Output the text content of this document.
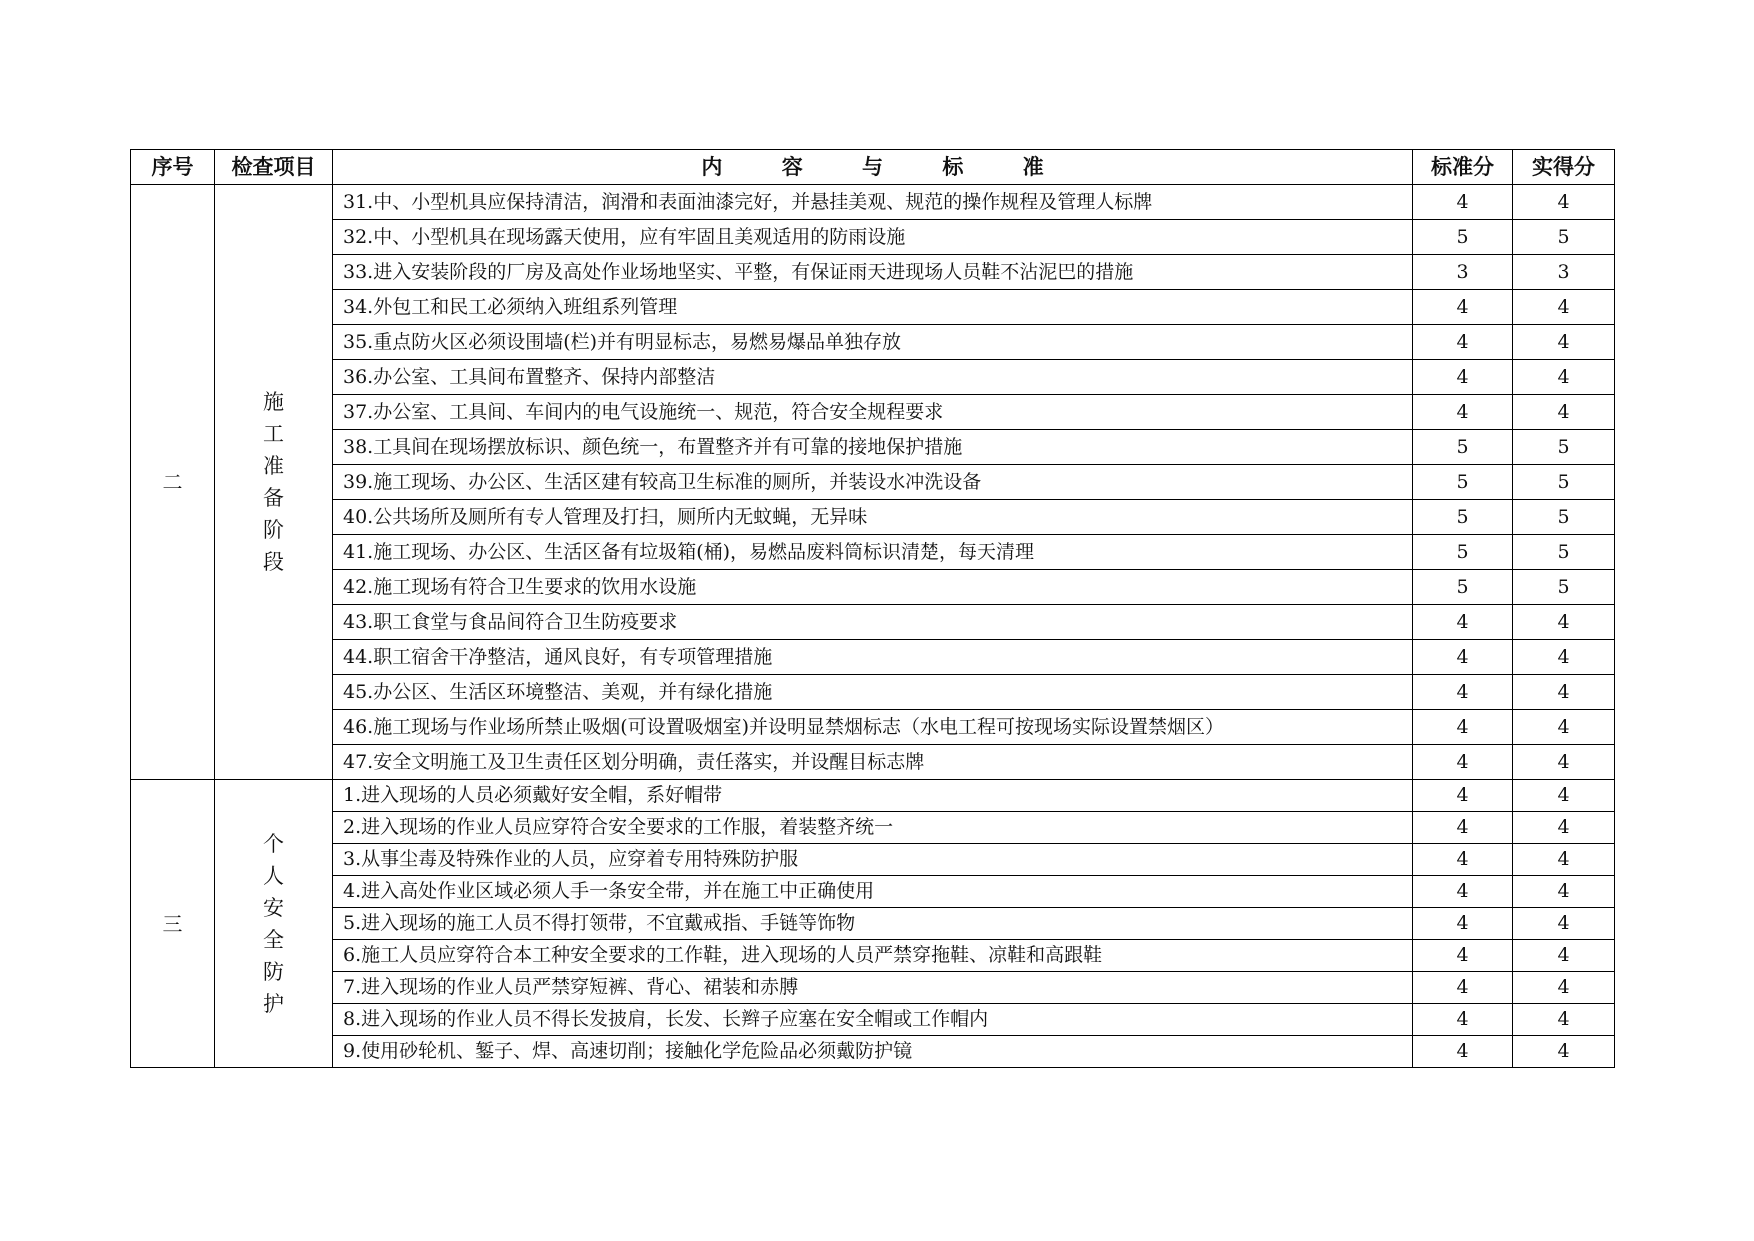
序号	检查项目	内 容 与 标 准	标准分	实得分
二	施工准备阶段	31.中、小型机具应保持清洁，润滑和表面油漆完好，并悬挂美观、规范的操作规程及管理人标牌	4	4
		32.中、小型机具在现场露天使用，应有牢固且美观适用的防雨设施	5	5
		33.进入安装阶段的厂房及高处作业场地坚实、平整，有保证雨天进现场人员鞋不沾泥巴的措施	3	3
		34.外包工和民工必须纳入班组系列管理	4	4
		35.重点防火区必须设围墙(栏)并有明显标志，易燃易爆品单独存放	4	4
		36.办公室、工具间布置整齐、保持内部整洁	4	4
		37.办公室、工具间、车间内的电气设施统一、规范，符合安全规程要求	4	4
		38.工具间在现场摆放标识、颜色统一，布置整齐并有可靠的接地保护措施	5	5
		39.施工现场、办公区、生活区建有较高卫生标准的厕所，并装设水冲洗设备	5	5
		40.公共场所及厕所有专人管理及打扫，厕所内无蚊蝇，无异味	5	5
		41.施工现场、办公区、生活区备有垃圾箱(桶)，易燃品废料筒标识清楚，每天清理	5	5
		42.施工现场有符合卫生要求的饮用水设施	5	5
		43.职工食堂与食品间符合卫生防疫要求	4	4
		44.职工宿舍干净整洁，通风良好，有专项管理措施	4	4
		45.办公区、生活区环境整洁、美观，并有绿化措施	4	4
		46.施工现场与作业场所禁止吸烟(可设置吸烟室)并设明显禁烟标志（水电工程可按现场实际设置禁烟区）	4	4
		47.安全文明施工及卫生责任区划分明确，责任落实，并设醒目标志牌	4	4
三	个人安全防护	1.进入现场的人员必须戴好安全帽，系好帽带	4	4
		2.进入现场的作业人员应穿符合安全要求的工作服，着装整齐统一	4	4
		3.从事尘毒及特殊作业的人员，应穿着专用特殊防护服	4	4
		4.进入高处作业区域必须人手一条安全带，并在施工中正确使用	4	4
		5.进入现场的施工人员不得打领带，不宜戴戒指、手链等饰物	4	4
		6.施工人员应穿符合本工种安全要求的工作鞋，进入现场的人员严禁穿拖鞋、凉鞋和高跟鞋	4	4
		7.进入现场的作业人员严禁穿短裤、背心、裙装和赤膊	4	4
		8.进入现场的作业人员不得长发披肩，长发、长辫子应塞在安全帽或工作帽内	4	4
		9.使用砂轮机、錾子、焊、高速切削；接触化学危险品必须戴防护镜	4	4
